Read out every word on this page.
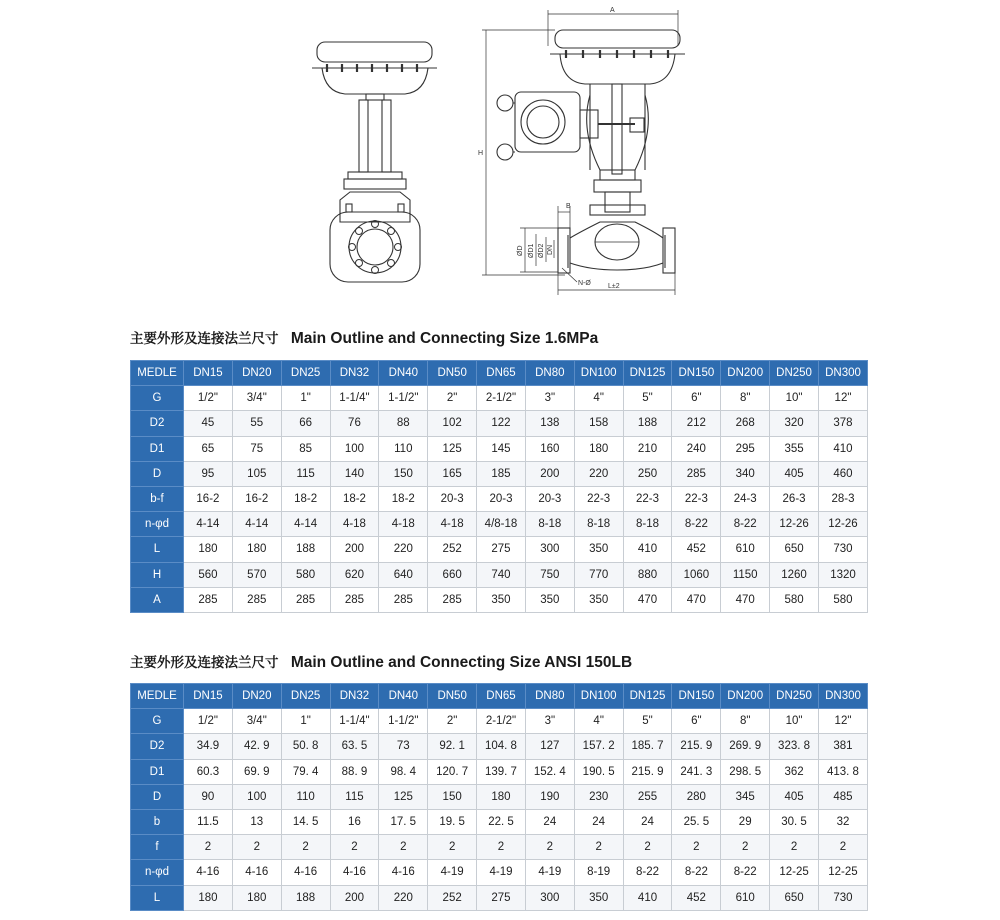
A
H
B
ØD ØD1 ØD2 DN
N-Ø L±2
主要外形及连接法兰尺寸 Main Outline and Connecting Size 1.6MPa
MEDLE	DN15	DN20	DN25	DN32	DN40	DN50	DN65	DN80	DN100	DN125	DN150	DN200	DN250	DN300
G	1/2"	3/4"	1"	1-1/4"	1-1/2"	2"	2-1/2"	3"	4"	5"	6"	8"	10"	12"
D2	45	55	66	76	88	102	122	138	158	188	212	268	320	378
D1	65	75	85	100	110	125	145	160	180	210	240	295	355	410
D	95	105	115	140	150	165	185	200	220	250	285	340	405	460
b-f	16-2	16-2	18-2	18-2	18-2	20-3	20-3	20-3	22-3	22-3	22-3	24-3	26-3	28-3
n-φd	4-14	4-14	4-14	4-18	4-18	4-18	4/8-18	8-18	8-18	8-18	8-22	8-22	12-26	12-26
L	180	180	188	200	220	252	275	300	350	410	452	610	650	730
H	560	570	580	620	640	660	740	750	770	880	1060	1150	1260	1320
A	285	285	285	285	285	285	350	350	350	470	470	470	580	580
主要外形及连接法兰尺寸 Main Outline and Connecting Size ANSI 150LB
MEDLE	DN15	DN20	DN25	DN32	DN40	DN50	DN65	DN80	DN100	DN125	DN150	DN200	DN250	DN300
G	1/2"	3/4"	1"	1-1/4"	1-1/2"	2"	2-1/2"	3"	4"	5"	6"	8"	10"	12"
D2	34.9	42. 9	50. 8	63. 5	73	92. 1	104. 8	127	157. 2	185. 7	215. 9	269. 9	323. 8	381
D1	60.3	69. 9	79. 4	88. 9	98. 4	120. 7	139. 7	152. 4	190. 5	215. 9	241. 3	298. 5	362	413. 8
D	90	100	110	115	125	150	180	190	230	255	280	345	405	485
b	11.5	13	14. 5	16	17. 5	19. 5	22. 5	24	24	24	25. 5	29	30. 5	32
f	2	2	2	2	2	2	2	2	2	2	2	2	2	2
n-φd	4-16	4-16	4-16	4-16	4-16	4-19	4-19	4-19	8-19	8-22	8-22	8-22	12-25	12-25
L	180	180	188	200	220	252	275	300	350	410	452	610	650	730
